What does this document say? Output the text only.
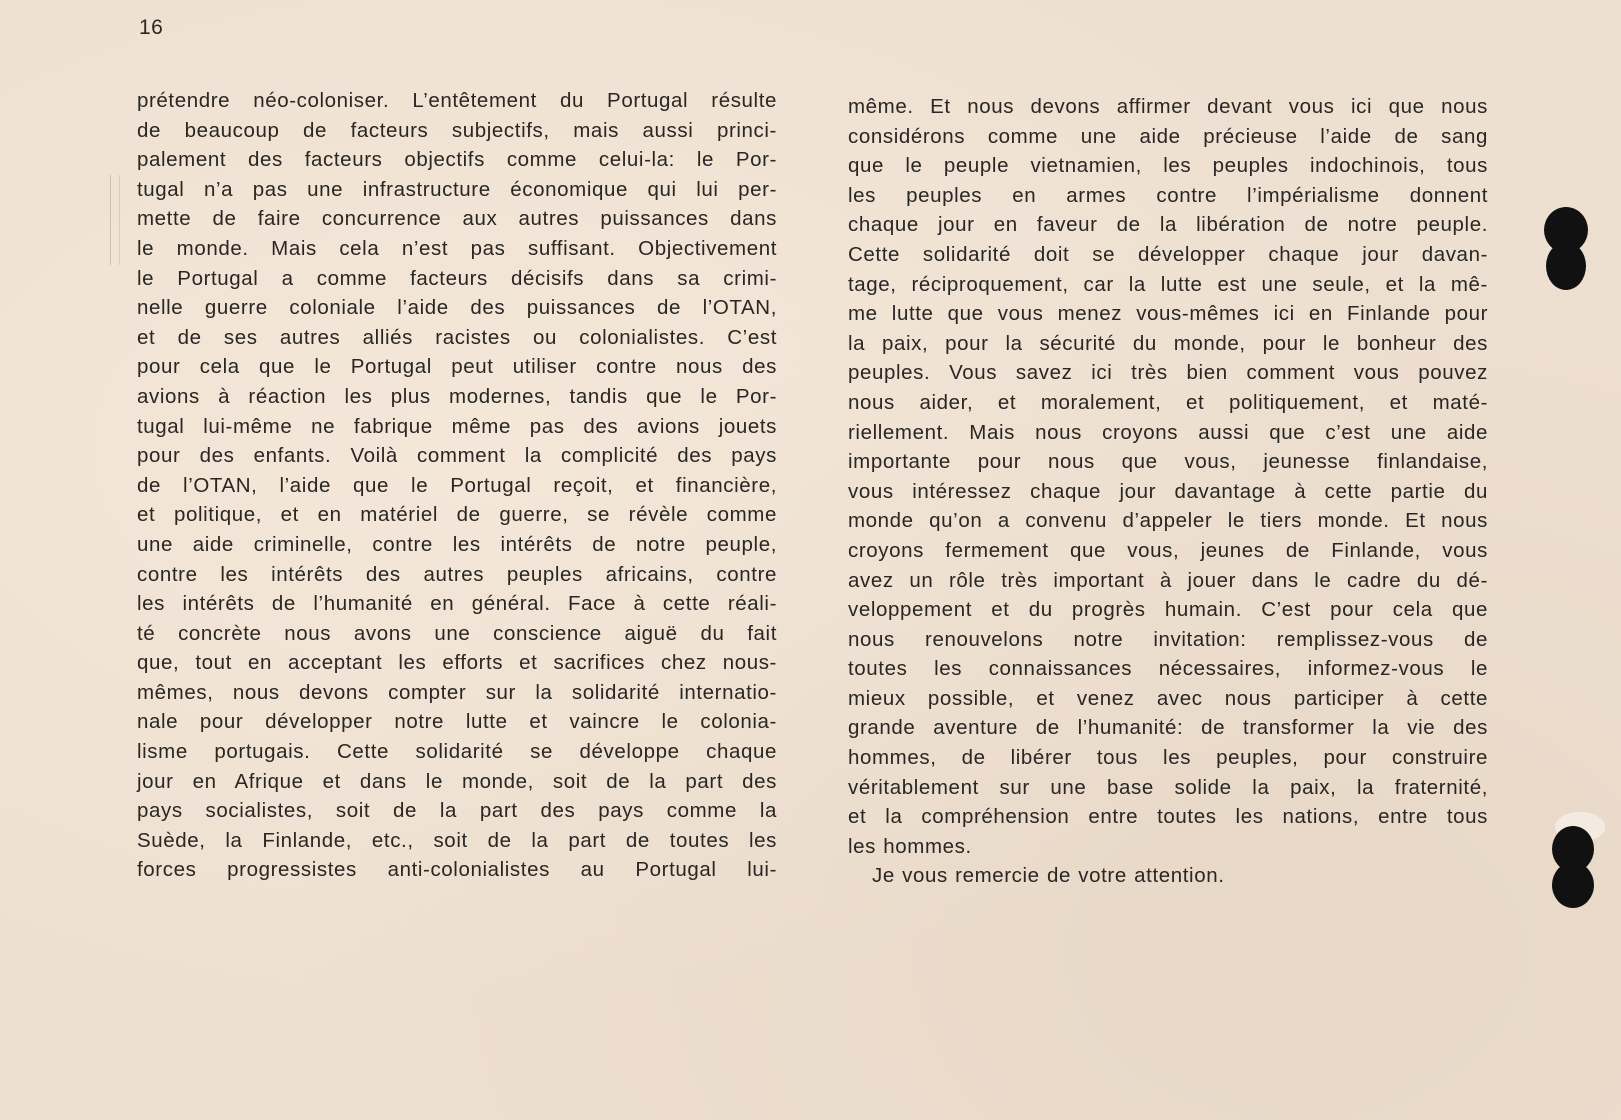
16
prétendre néo-coloniser. L’entêtement du Portugal résulte
de beaucoup de facteurs subjectifs, mais aussi princi-
palement des facteurs objectifs comme celui-la: le Por-
tugal n’a pas une infrastructure économique qui lui per-
mette de faire concurrence aux autres puissances dans
le monde. Mais cela n’est pas suffisant. Objectivement
le Portugal a comme facteurs décisifs dans sa crimi-
nelle guerre coloniale l’aide des puissances de l’OTAN,
et de ses autres alliés racistes ou colonialistes. C’est
pour cela que le Portugal peut utiliser contre nous des
avions à réaction les plus modernes, tandis que le Por-
tugal lui-même ne fabrique même pas des avions jouets
pour des enfants. Voilà comment la complicité des pays
de l’OTAN, l’aide que le Portugal reçoit, et financière,
et politique, et en matériel de guerre, se révèle comme
une aide criminelle, contre les intérêts de notre peuple,
contre les intérêts des autres peuples africains, contre
les intérêts de l’humanité en général. Face à cette réali-
té concrète nous avons une conscience aiguë du fait
que, tout en acceptant les efforts et sacrifices chez nous-
mêmes, nous devons compter sur la solidarité internatio-
nale pour développer notre lutte et vaincre le colonia-
lisme portugais. Cette solidarité se développe chaque
jour en Afrique et dans le monde, soit de la part des
pays socialistes, soit de la part des pays comme la
Suède, la Finlande, etc., soit de la part de toutes les
forces progressistes anti-colonialistes au Portugal lui-
même. Et nous devons affirmer devant vous ici que nous
considérons comme une aide précieuse l’aide de sang
que le peuple vietnamien, les peuples indochinois, tous
les peuples en armes contre l’impérialisme donnent
chaque jour en faveur de la libération de notre peuple.
Cette solidarité doit se développer chaque jour davan-
tage, réciproquement, car la lutte est une seule, et la mê-
me lutte que vous menez vous-mêmes ici en Finlande pour
la paix, pour la sécurité du monde, pour le bonheur des
peuples. Vous savez ici très bien comment vous pouvez
nous aider, et moralement, et politiquement, et maté-
riellement. Mais nous croyons aussi que c’est une aide
importante pour nous que vous, jeunesse finlandaise,
vous intéressez chaque jour davantage à cette partie du
monde qu’on a convenu d’appeler le tiers monde. Et nous
croyons fermement que vous, jeunes de Finlande, vous
avez un rôle très important à jouer dans le cadre du dé-
veloppement et du progrès humain. C’est pour cela que
nous renouvelons notre invitation: remplissez-vous de
toutes les connaissances nécessaires, informez-vous le
mieux possible, et venez avec nous participer à cette
grande aventure de l’humanité: de transformer la vie des
hommes, de libérer tous les peuples, pour construire
véritablement sur une base solide la paix, la fraternité,
et la compréhension entre toutes les nations, entre tous
les hommes.
Je vous remercie de votre attention.
